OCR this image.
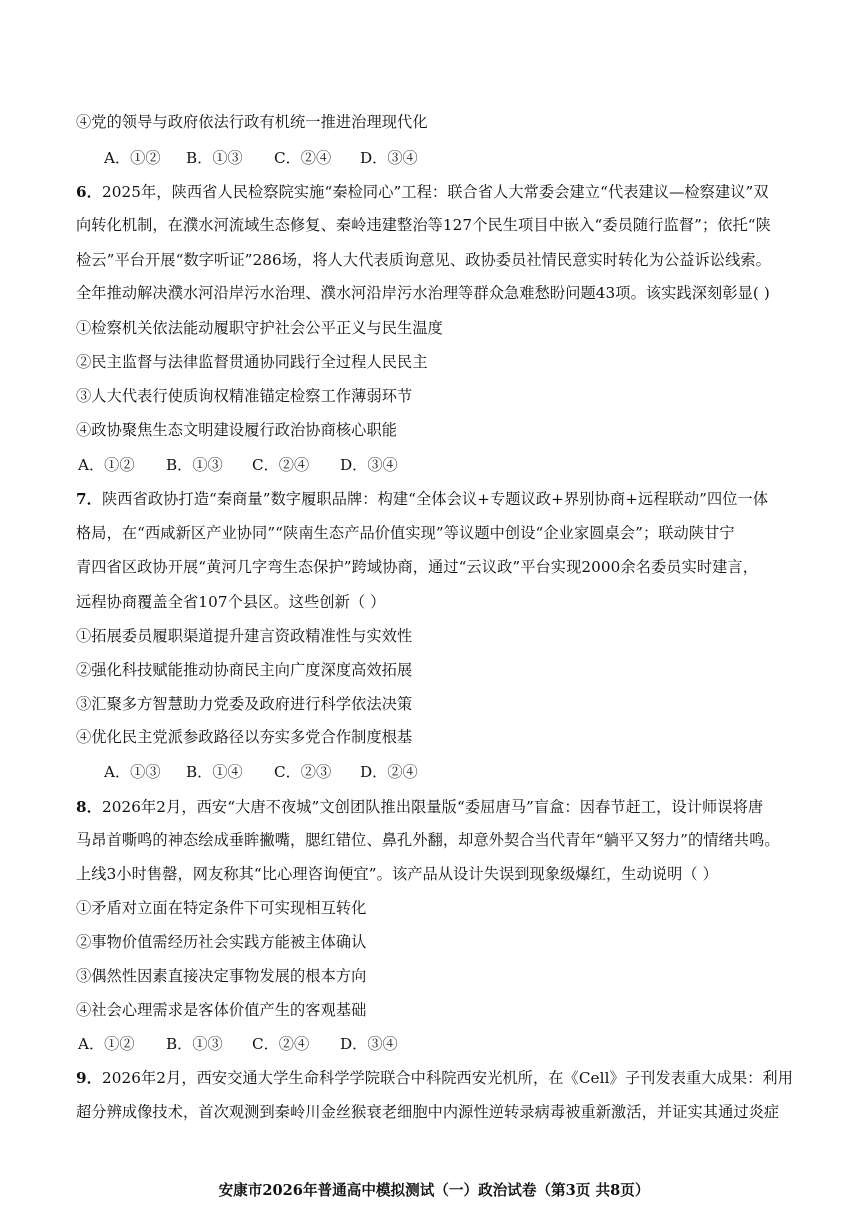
④党的领导与政府依法行政有机统一推进治理现代化
A．①② B．①③ C．②④ D．③④
6．2025年，陕西省人民检察院实施“秦检同心”工程：联合省人大常委会建立“代表建议—检察建议”双
向转化机制，在濮水河流域生态修复、秦岭违建整治等127个民生项目中嵌入“委员随行监督”；依托“陕
检云”平台开展“数字听证”286场，将人大代表质询意见、政协委员社情民意实时转化为公益诉讼线索。
全年推动解决濮水河沿岸污水治理、濮水河沿岸污水治理等群众急难愁盼问题43项。该实践深刻彰显( )
①检察机关依法能动履职守护社会公平正义与民生温度
②民主监督与法律监督贯通协同践行全过程人民民主
③人大代表行使质询权精准锚定检察工作薄弱环节
④政协聚焦生态文明建设履行政治协商核心职能
A．①② B．①③ C．②④ D．③④
7．陕西省政协打造“秦商量”数字履职品牌：构建“全体会议+专题议政+界别协商+远程联动”四位一体
格局，在“西咸新区产业协同”“陕南生态产品价值实现”等议题中创设“企业家圆桌会”；联动陕甘宁
青四省区政协开展“黄河几字弯生态保护”跨域协商，通过“云议政”平台实现2000余名委员实时建言，
远程协商覆盖全省107个县区。这些创新（ ）
①拓展委员履职渠道提升建言资政精准性与实效性
②强化科技赋能推动协商民主向广度深度高效拓展
③汇聚多方智慧助力党委及政府进行科学依法决策
④优化民主党派参政路径以夯实多党合作制度根基
A．①③ B．①④ C．②③ D．②④
8．2026年2月，西安“大唐不夜城”文创团队推出限量版“委屈唐马”盲盒：因春节赶工，设计师误将唐
马昂首嘶鸣的神态绘成垂眸撇嘴，腮红错位、鼻孔外翻，却意外契合当代青年“躺平又努力”的情绪共鸣。
上线3小时售罄，网友称其“比心理咨询便宜”。该产品从设计失误到现象级爆红，生动说明（ ）
①矛盾对立面在特定条件下可实现相互转化
②事物价值需经历社会实践方能被主体确认
③偶然性因素直接决定事物发展的根本方向
④社会心理需求是客体价值产生的客观基础
A．①② B．①③ C．②④ D．③④
9．2026年2月，西安交通大学生命科学学院联合中科院西安光机所，在《Cell》子刊发表重大成果：利用
超分辨成像技术，首次观测到秦岭川金丝猴衰老细胞中内源性逆转录病毒被重新激活，并证实其通过炎症
安康市2026年普通高中模拟测试（一）政治试卷（第3页 共8页）
